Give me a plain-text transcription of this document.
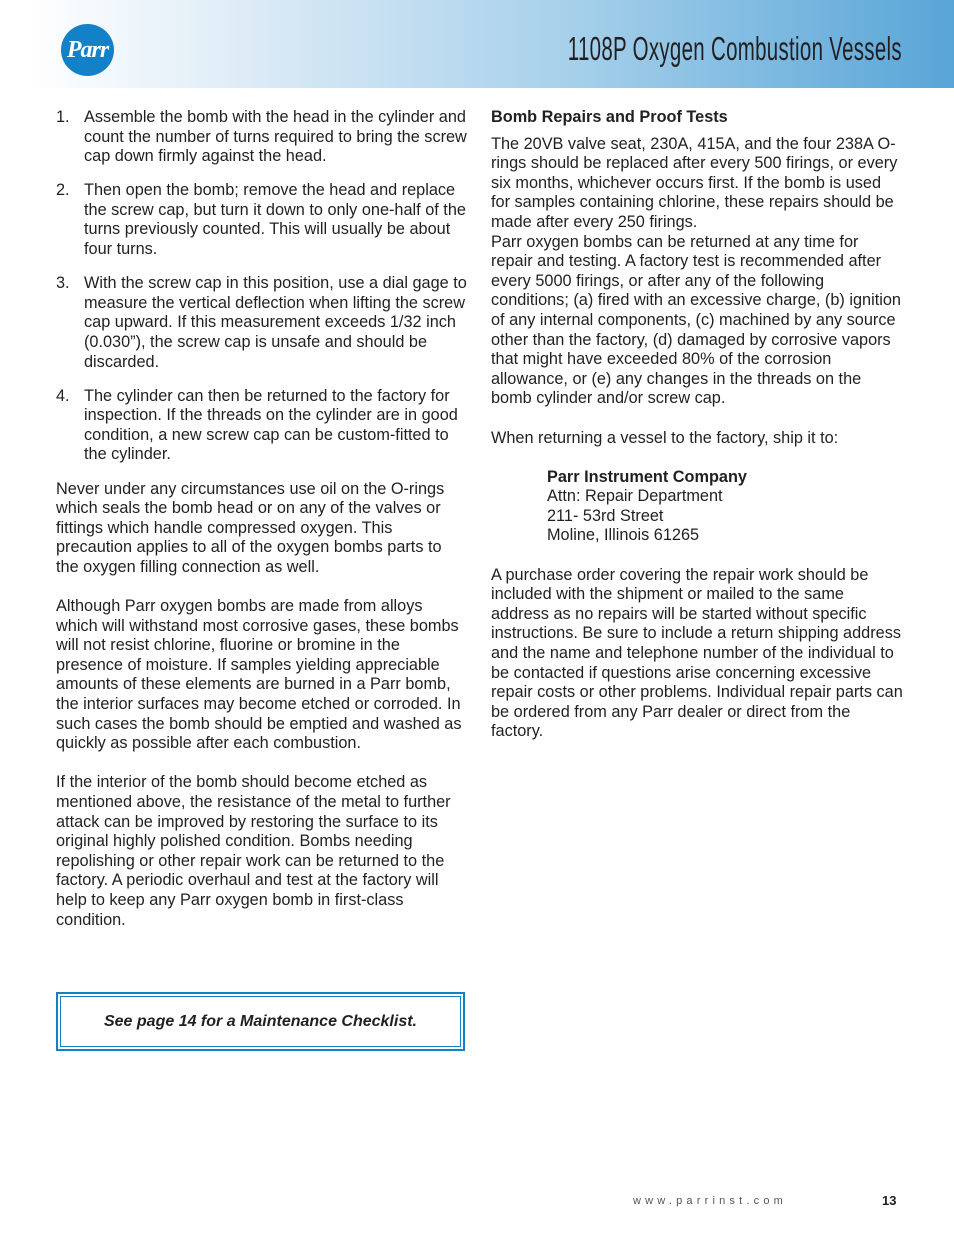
Parr	1108P Oxygen Combustion Vessels
1. Assemble the bomb with the head in the cylinder and count the number of turns required to bring the screw cap down firmly against the head.
2. Then open the bomb; remove the head and replace the screw cap, but turn it down to only one-half of the turns previously counted. This will usually be about four turns.
3. With the screw cap in this position, use a dial gage to measure the vertical deflection when lifting the screw cap upward. If this measurement exceeds 1/32 inch (0.030”), the screw cap is unsafe and should be discarded.
4. The cylinder can then be returned to the factory for inspection. If the threads on the cylinder are in good condition, a new screw cap can be custom-fitted to the cylinder.

Never under any circumstances use oil on the O-rings which seals the bomb head or on any of the valves or fittings which handle compressed oxygen. This precaution applies to all of the oxygen bombs parts to the oxygen filling connection as well.

Although Parr oxygen bombs are made from alloys which will withstand most corrosive gases, these bombs will not resist chlorine, fluorine or bromine in the presence of moisture. If samples yielding appreciable amounts of these elements are burned in a Parr bomb, the interior surfaces may become etched or corroded. In such cases the bomb should be emptied and washed as quickly as possible after each combustion.

If the interior of the bomb should become etched as mentioned above, the resistance of the metal to further attack can be improved by restoring the surface to its original highly polished condition. Bombs needing repolishing or other repair work can be returned to the factory. A periodic overhaul and test at the factory will help to keep any Parr oxygen bomb in first-class condition.

See page 14 for a Maintenance Checklist.
Bomb Repairs and Proof Tests

The 20VB valve seat, 230A, 415A, and the four 238A O-rings should be replaced after every 500 firings, or every six months, whichever occurs first. If the bomb is used for samples containing chlorine, these repairs should be made after every 250 firings.

Parr oxygen bombs can be returned at any time for repair and testing. A factory test is recommended after every 5000 firings, or after any of the following conditions; (a) fired with an excessive charge, (b) ignition of any internal components, (c) machined by any source other than the factory, (d) damaged by corrosive vapors that might have exceeded 80% of the corrosion allowance, or (e) any changes in the threads on the bomb cylinder and/or screw cap.

When returning a vessel to the factory, ship it to:

Parr Instrument Company
Attn: Repair Department
211- 53rd Street
Moline, Illinois 61265

A purchase order covering the repair work should be included with the shipment or mailed to the same address as no repairs will be started without specific instructions. Be sure to include a return shipping address and the name and telephone number of the individual to be contacted if questions arise concerning excessive repair costs or other problems. Individual repair parts can be ordered from any Parr dealer or direct from the factory.

www.parrinst.com	13
